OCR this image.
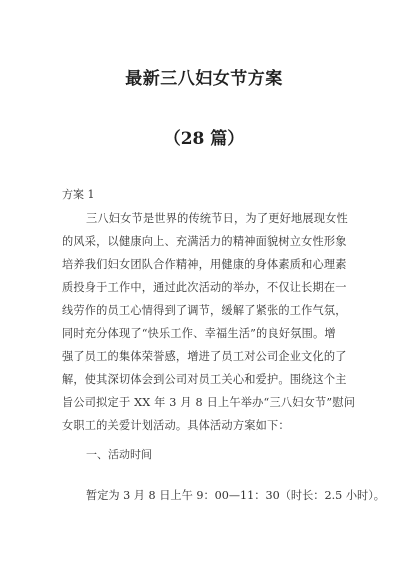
最新三八妇女节方案
（28 篇）
方案 1
三八妇女节是世界的传统节日，为了更好地展现女性
的风采，以健康向上、充满活力的精神面貌树立女性形象
培养我们妇女团队合作精神，用健康的身体素质和心理素
质投身于工作中，通过此次活动的举办，不仅让长期在一
线劳作的员工心情得到了调节，缓解了紧张的工作气氛，
同时充分体现了“快乐工作、幸福生活”的良好氛围。增
强了员工的集体荣誉感，增进了员工对公司企业文化的了
解，使其深切体会到公司对员工关心和爱护。围绕这个主
旨公司拟定于 XX 年 3 月 8 日上午举办“三八妇女节”慰问
女职工的关爱计划活动。具体活动方案如下：
一、活动时间
暂定为 3 月 8 日上午 9：00—11：30（时长：2.5 小时）。
